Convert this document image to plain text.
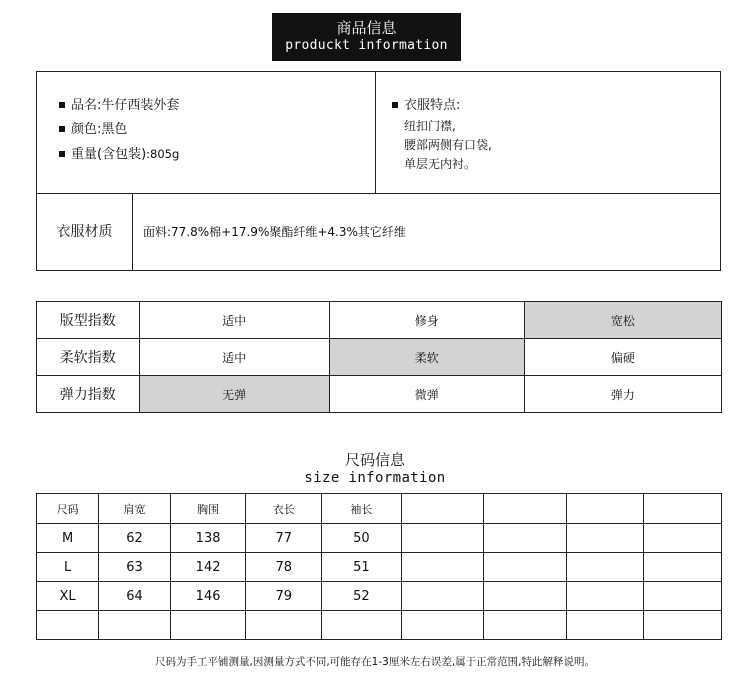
商品信息
produckt information
品名:牛仔西装外套
颜色:黑色
重量(含包装):805g
衣服特点:
纽扣门襟,
腰部两侧有口袋,
单层无内衬。
衣服材质	面料:77.8%棉+17.9%聚酯纤维+4.3%其它纤维
版型指数	适中	修身	宽松
柔软指数	适中	柔软	偏硬
弹力指数	无弹	微弹	弹力
尺码信息
size information
尺码	肩宽	胸围	衣长	袖长				
M	62	138	77	50				
L	63	142	78	51				
XL	64	146	79	52				

尺码为手工平铺测量,因测量方式不同,可能存在1-3厘米左右误差,属于正常范围,特此解释说明。
